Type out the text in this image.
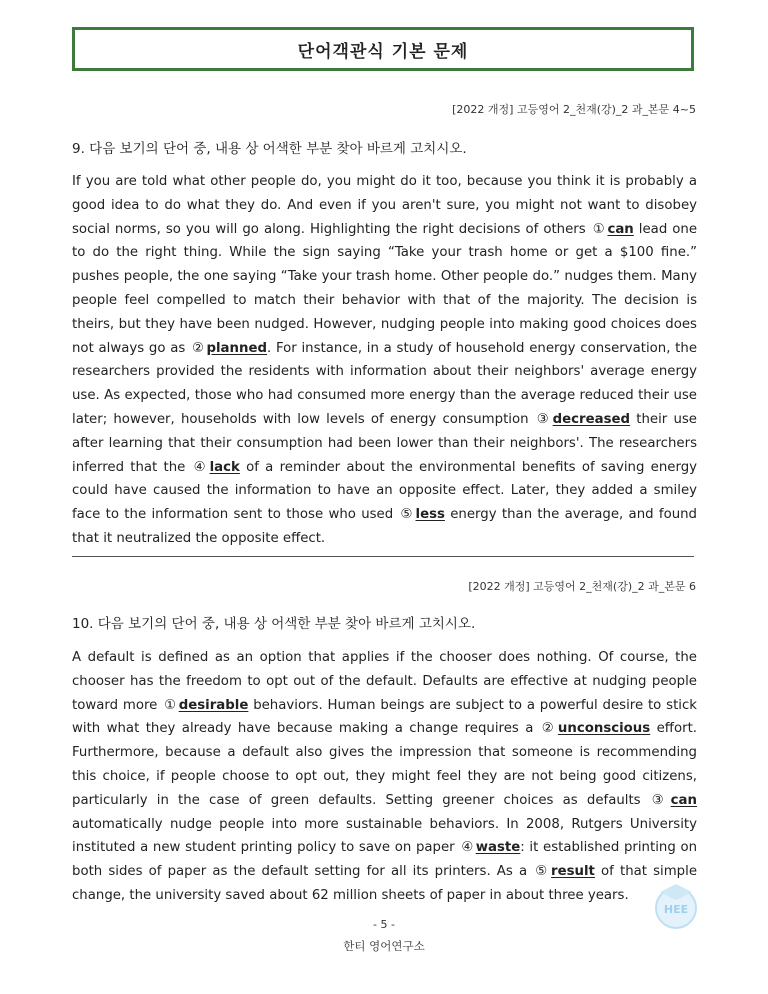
단어객관식 기본 문제
[2022 개정] 고등영어 2_천재(강)_2 과_본문 4~5
9. 다음 보기의 단어 중, 내용 상 어색한 부분 찾아 바르게 고치시오.
If you are told what other people do, you might do it too, because you think it is probably a good idea to do what they do. And even if you aren't sure, you might not want to disobey social norms, so you will go along. Highlighting the right decisions of others ① can lead one to do the right thing. While the sign saying “Take your trash home or get a $100 fine.” pushes people, the one saying “Take your trash home. Other people do.” nudges them. Many people feel compelled to match their behavior with that of the majority. The decision is theirs, but they have been nudged. However, nudging people into making good choices does not always go as ② planned. For instance, in a study of household energy conservation, the researchers provided the residents with information about their neighbors' average energy use. As expected, those who had consumed more energy than the average reduced their use later; however, households with low levels of energy consumption ③ decreased their use after learning that their consumption had been lower than their neighbors'. The researchers inferred that the ④ lack of a reminder about the environmental benefits of saving energy could have caused the information to have an opposite effect. Later, they added a smiley face to the information sent to those who used ⑤ less energy than the average, and found that it neutralized the opposite effect.
[2022 개정] 고등영어 2_천재(강)_2 과_본문 6
10. 다음 보기의 단어 중, 내용 상 어색한 부분 찾아 바르게 고치시오.
A default is defined as an option that applies if the chooser does nothing. Of course, the chooser has the freedom to opt out of the default. Defaults are effective at nudging people toward more ① desirable behaviors. Human beings are subject to a powerful desire to stick with what they already have because making a change requires a ② unconscious effort. Furthermore, because a default also gives the impression that someone is recommending this choice, if people choose to opt out, they might feel they are not being good citizens, particularly in the case of green defaults. Setting greener choices as defaults ③ can automatically nudge people into more sustainable behaviors. In 2008, Rutgers University instituted a new student printing policy to save on paper ④ waste: it established printing on both sides of paper as the default setting for all its printers. As a ⑤ result of that simple change, the university saved about 62 million sheets of paper in about three years.
HEE
- 5 -
한티 영어연구소
